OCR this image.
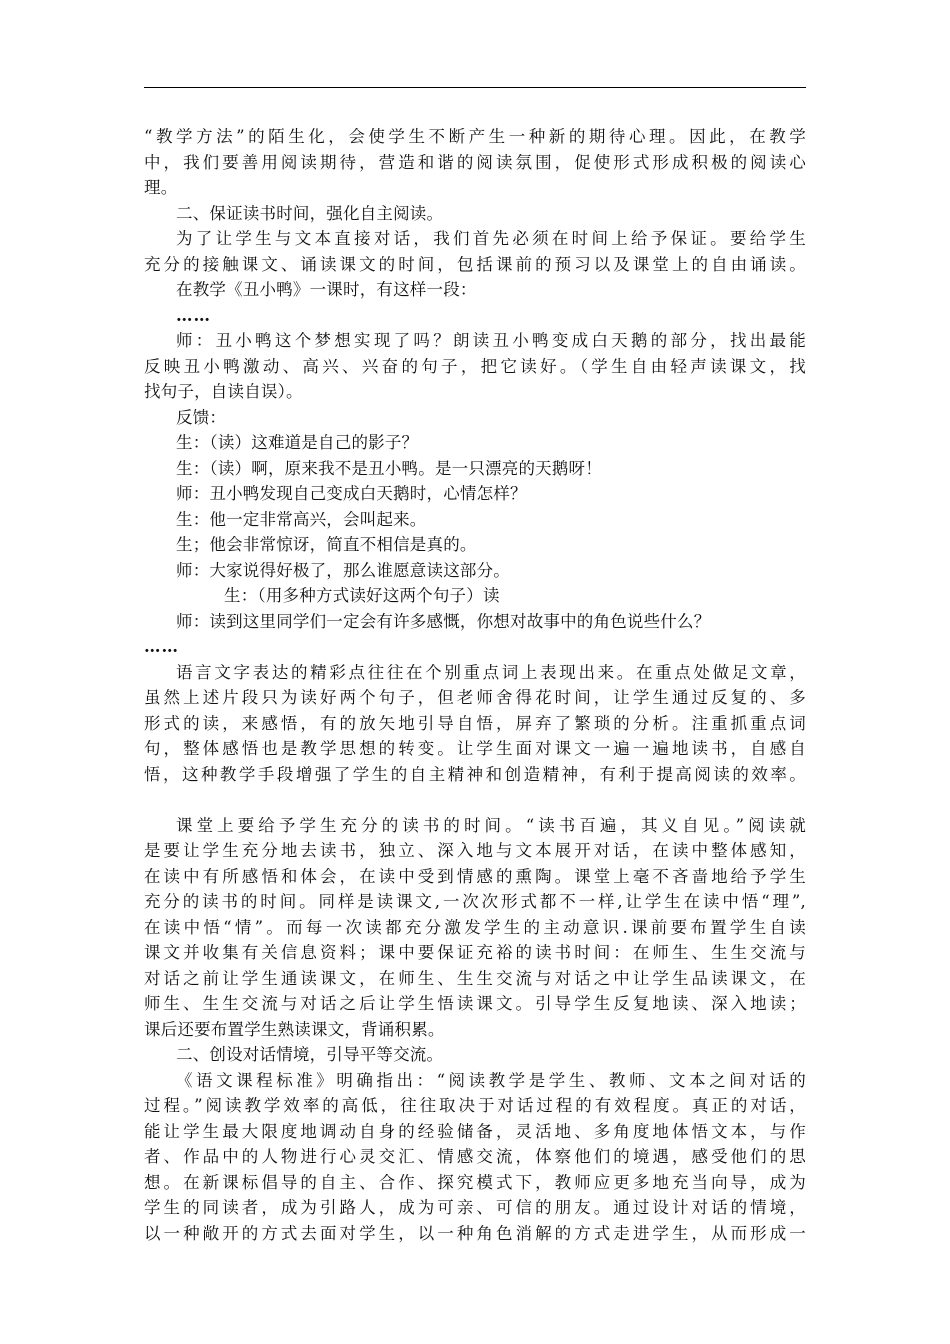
“教学方法”的陌生化，会使学生不断产生一种新的期待心理。因此，在教学
中，我们要善用阅读期待，营造和谐的阅读氛围，促使形式形成积极的阅读心
理。
二、保证读书时间，强化自主阅读。
为了让学生与文本直接对话，我们首先必须在时间上给予保证。要给学生
充分的接触课文、诵读课文的时间，包括课前的预习以及课堂上的自由诵读。
在教学《丑小鸭》一课时，有这样一段：
……
师：丑小鸭这个梦想实现了吗？朗读丑小鸭变成白天鹅的部分，找出最能
反映丑小鸭激动、高兴、兴奋的句子，把它读好。（学生自由轻声读课文，找
找句子，自读自误）。
反馈：
生：（读）这难道是自己的影子？
生：（读）啊，原来我不是丑小鸭。是一只漂亮的天鹅呀！
师：丑小鸭发现自己变成白天鹅时，心情怎样？
生：他一定非常高兴，会叫起来。
生；他会非常惊讶，简直不相信是真的。
师：大家说得好极了，那么谁愿意读这部分。
生：（用多种方式读好这两个句子）读
师：读到这里同学们一定会有许多感慨，你想对故事中的角色说些什么？
……
语言文字表达的精彩点往往在个别重点词上表现出来。在重点处做足文章，
虽然上述片段只为读好两个句子，但老师舍得花时间，让学生通过反复的、多
形式的读，来感悟，有的放矢地引导自悟，屏弃了繁琐的分析。注重抓重点词
句，整体感悟也是教学思想的转变。让学生面对课文一遍一遍地读书，自感自
悟，这种教学手段增强了学生的自主精神和创造精神，有利于提高阅读的效率。
课堂上要给予学生充分的读书的时间。“读书百遍，其义自见。”阅读就
是要让学生充分地去读书，独立、深入地与文本展开对话，在读中整体感知，
在读中有所感悟和体会，在读中受到情感的熏陶。课堂上毫不吝啬地给予学生
充分的读书的时间。同样是读课文,一次次形式都不一样,让学生在读中悟“理”,
在读中悟“情”。而每一次读都充分激发学生的主动意识.课前要布置学生自读
课文并收集有关信息资料；课中要保证充裕的读书时间：在师生、生生交流与
对话之前让学生通读课文，在师生、生生交流与对话之中让学生品读课文，在
师生、生生交流与对话之后让学生悟读课文。引导学生反复地读、深入地读；
课后还要布置学生熟读课文，背诵积累。
二、创设对话情境，引导平等交流。
《语文课程标准》明确指出：“阅读教学是学生、教师、文本之间对话的
过程。”阅读教学效率的高低，往往取决于对话过程的有效程度。真正的对话，
能让学生最大限度地调动自身的经验储备，灵活地、多角度地体悟文本，与作
者、作品中的人物进行心灵交汇、情感交流，体察他们的境遇，感受他们的思
想。在新课标倡导的自主、合作、探究模式下，教师应更多地充当向导，成为
学生的同读者，成为引路人，成为可亲、可信的朋友。通过设计对话的情境，
以一种敞开的方式去面对学生，以一种角色消解的方式走进学生，从而形成一
